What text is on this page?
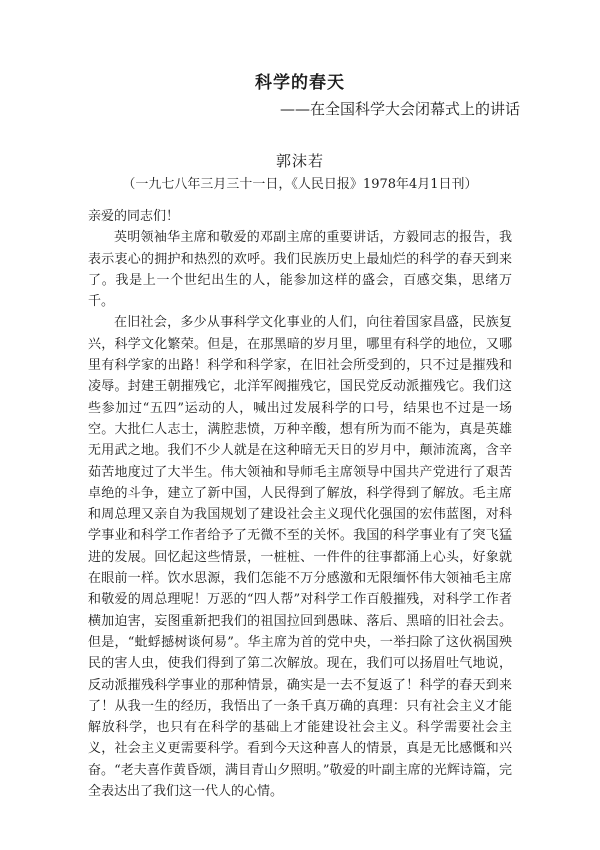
科学的春天
——在全国科学大会闭幕式上的讲话
郭沫若
（一九七八年三月三十一日，《人民日报》1978年4月1日刊）

亲爱的同志们！

英明领袖华主席和敬爱的邓副主席的重要讲话，方毅同志的报告，我表示衷心的拥护和热烈的欢呼。我们民族历史上最灿烂的科学的春天到来了。我是上一个世纪出生的人，能参加这样的盛会，百感交集，思绪万千。

在旧社会，多少从事科学文化事业的人们，向往着国家昌盛，民族复兴，科学文化繁荣。但是，在那黑暗的岁月里，哪里有科学的地位，又哪里有科学家的出路！科学和科学家，在旧社会所受到的，只不过是摧残和凌辱。封建王朝摧残它，北洋军阀摧残它，国民党反动派摧残它。我们这些参加过“五四”运动的人，喊出过发展科学的口号，结果也不过是一场空。大批仁人志士，满腔悲愤，万种辛酸，想有所为而不能为，真是英雄无用武之地。我们不少人就是在这种暗无天日的岁月中，颠沛流离，含辛茹苦地度过了大半生。伟大领袖和导师毛主席领导中国共产党进行了艰苦卓绝的斗争，建立了新中国，人民得到了解放，科学得到了解放。毛主席和周总理又亲自为我国规划了建设社会主义现代化强国的宏伟蓝图，对科学事业和科学工作者给予了无微不至的关怀。我国的科学事业有了突飞猛进的发展。回忆起这些情景，一桩桩、一件件的往事都涌上心头，好象就在眼前一样。饮水思源，我们怎能不万分感激和无限缅怀伟大领袖毛主席和敬爱的周总理呢！万恶的“四人帮”对科学工作百般摧残，对科学工作者横加迫害，妄图重新把我们的祖国拉回到愚昧、落后、黑暗的旧社会去。但是，“蚍蜉撼树谈何易”。华主席为首的党中央，一举扫除了这伙祸国殃民的害人虫，使我们得到了第二次解放。现在，我们可以扬眉吐气地说，反动派摧残科学事业的那种情景，确实是一去不复返了！科学的春天到来了！从我一生的经历，我悟出了一条千真万确的真理：只有社会主义才能解放科学，也只有在科学的基础上才能建设社会主义。科学需要社会主义，社会主义更需要科学。看到今天这种喜人的情景，真是无比感慨和兴奋。“老夫喜作黄昏颂，满目青山夕照明。”敬爱的叶副主席的光辉诗篇，完全表达出了我们这一代人的心情。
